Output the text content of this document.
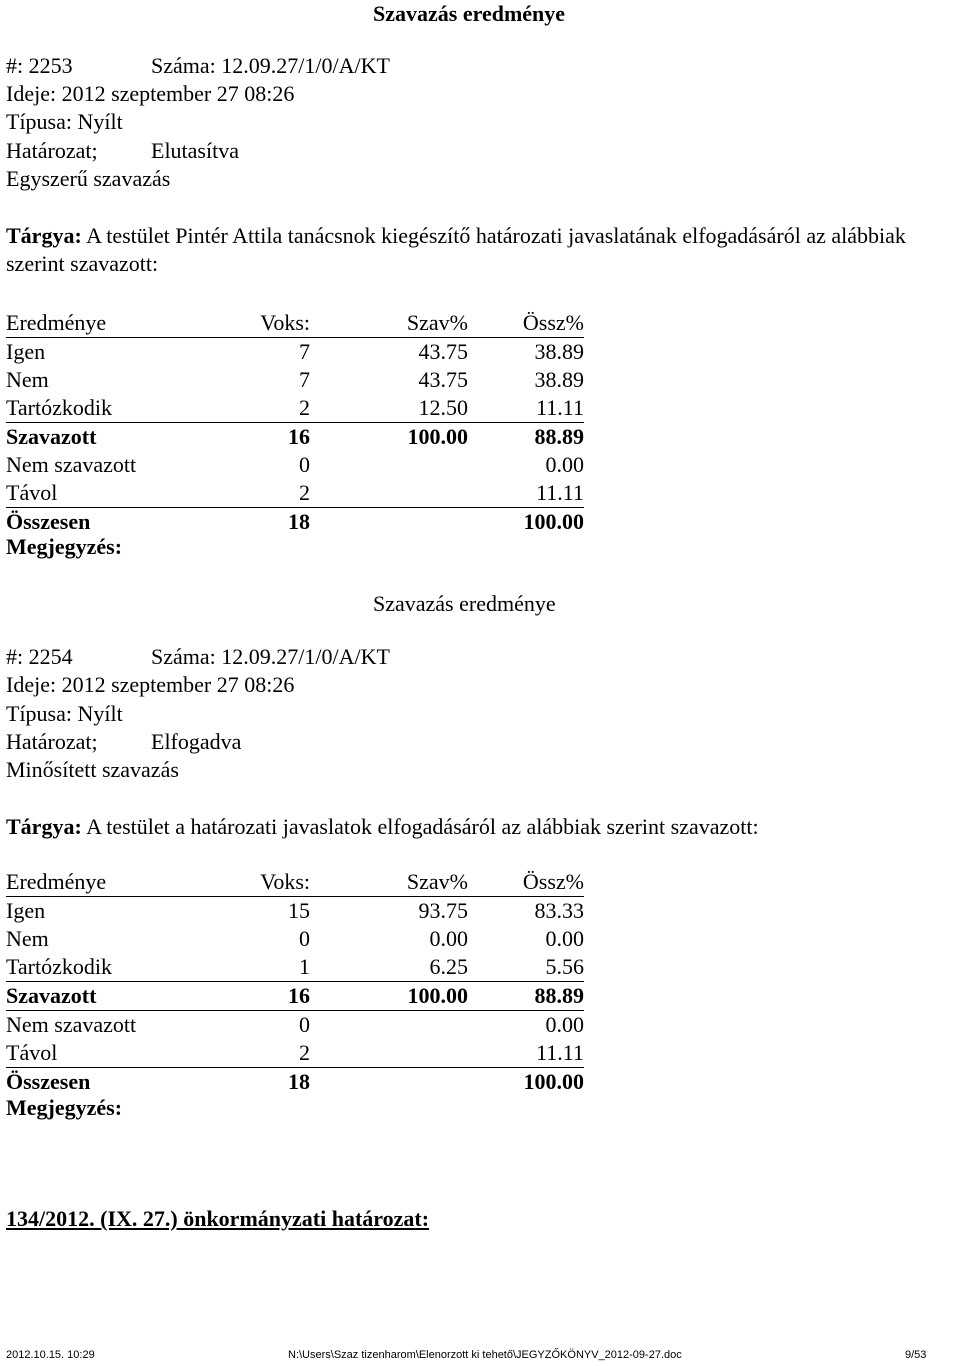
Szavazás eredménye
#: 2253	Száma: 12.09.27/1/0/A/KT
Ideje: 2012 szeptember 27 08:26
Típusa: Nyílt
Határozat; Elutasítva
Egyszerű szavazás
Tárgya: A testület Pintér Attila tanácsnok kiegészítő határozati javaslatának elfogadásáról az alábbiak szerint szavazott:
Eredménye	Voks:	Szav%	Össz%
Igen	7	43.75	38.89
Nem	7	43.75	38.89
Tartózkodik	2	12.50	11.11
Szavazott	16	100.00	88.89
Nem szavazott	0		0.00
Távol	2		11.11
Összesen	18		100.00
Megjegyzés:
Szavazás eredménye
#: 2254	Száma: 12.09.27/1/0/A/KT
Ideje: 2012 szeptember 27 08:26
Típusa: Nyílt
Határozat; Elfogadva
Minősített szavazás
Tárgya: A testület a határozati javaslatok elfogadásáról az alábbiak szerint szavazott:
Eredménye	Voks:	Szav%	Össz%
Igen	15	93.75	83.33
Nem	0	0.00	0.00
Tartózkodik	1	6.25	5.56
Szavazott	16	100.00	88.89
Nem szavazott	0		0.00
Távol	2		11.11
Összesen	18		100.00
Megjegyzés:
134/2012. (IX. 27.) önkormányzati határozat:
2012.10.15. 10:29	N:\Users\Szaz tizenharom\Elenorzott ki tehető\JEGYZŐKÖNYV_2012-09-27.doc	9/53
